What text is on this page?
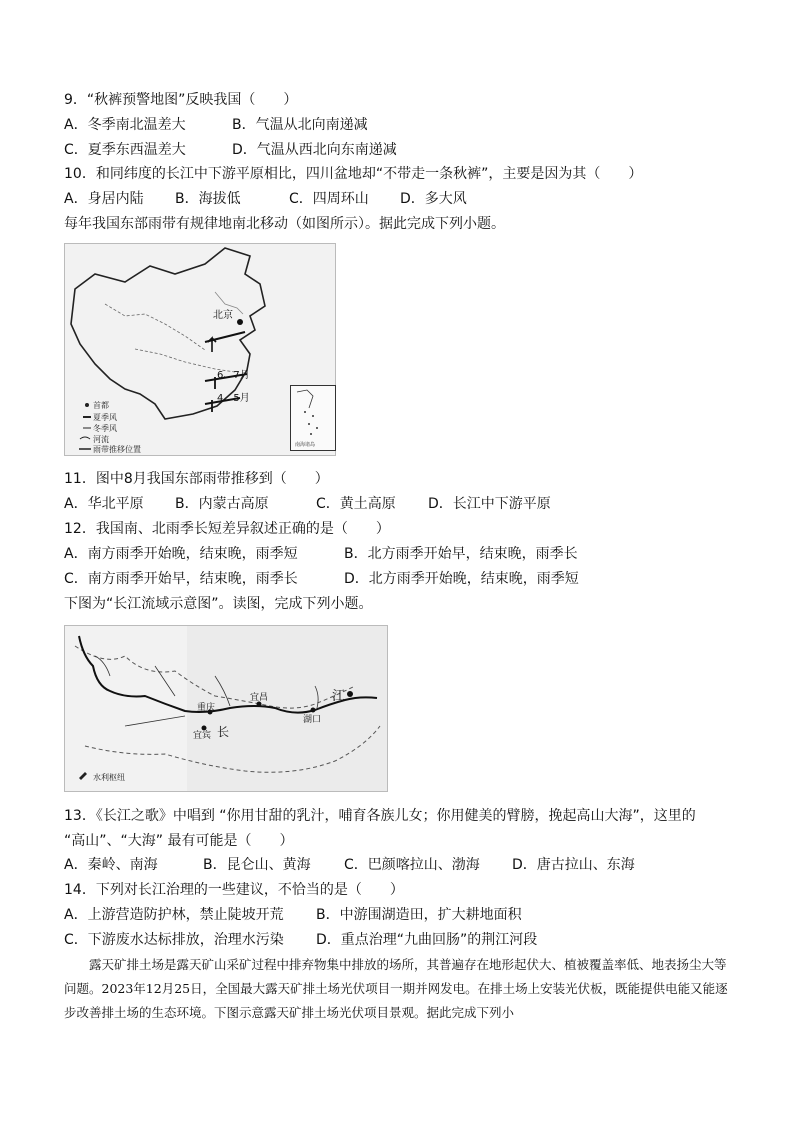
9．“秋裤预警地图”反映我国（　　）
A．冬季南北温差大	B．气温从北向南递减
C．夏季东西温差大	D．气温从西北向东南递减
10．和同纬度的长江中下游平原相比，四川盆地却“不带走一条秋裤”，主要是因为其（　　）
A．身居内陆 B．海拔低	C．四周环山 D．多大风
每年我国东部雨带有规律地南北移动（如图所示）。据此完成下列小题。
北京
6、7月
4、5月
首都
夏季风
冬季风
河流
雨带推移位置	南海诸岛
11．图中8月我国东部雨带推移到（　　）
A．华北平原 B．内蒙古高原	C．黄土高原 D．长江中下游平原
12．我国南、北雨季长短差异叙述正确的是（　　）
A．南方雨季开始晚，结束晚，雨季短	B．北方雨季开始早，结束晚，雨季长
C．南方雨季开始早，结束晚，雨季长	D．北方雨季开始晚，结束晚，雨季短
下图为“长江流域示意图”。读图，完成下列小题。
江
宜昌
湖口
重庆
宜宾 长
水利枢纽
13．《长江之歌》中唱到 “你用甘甜的乳汁，哺育各族儿女；你用健美的臂膀，挽起高山大海”，这里的
“高山”、“大海” 最有可能是（　　）
A．秦岭、南海	B．昆仑山、黄海 C．巴颜喀拉山、渤海 D．唐古拉山、东海
14．下列对长江治理的一些建议，不恰当的是（　　）
A．上游营造防护林，禁止陡坡开荒 B．中游围湖造田，扩大耕地面积
C．下游废水达标排放，治理水污染 D．重点治理“九曲回肠”的荆江河段
露天矿排土场是露天矿山采矿过程中排弃物集中排放的场所，其普遍存在地形起伏大、植被覆盖率低、地表扬尘大等问题。2023年12月25日，全国最大露天矿排土场光伏项目一期并网发电。在排土场上安装光伏板，既能提供电能又能逐步改善排土场的生态环境。下图示意露天矿排土场光伏项目景观。据此完成下列小
